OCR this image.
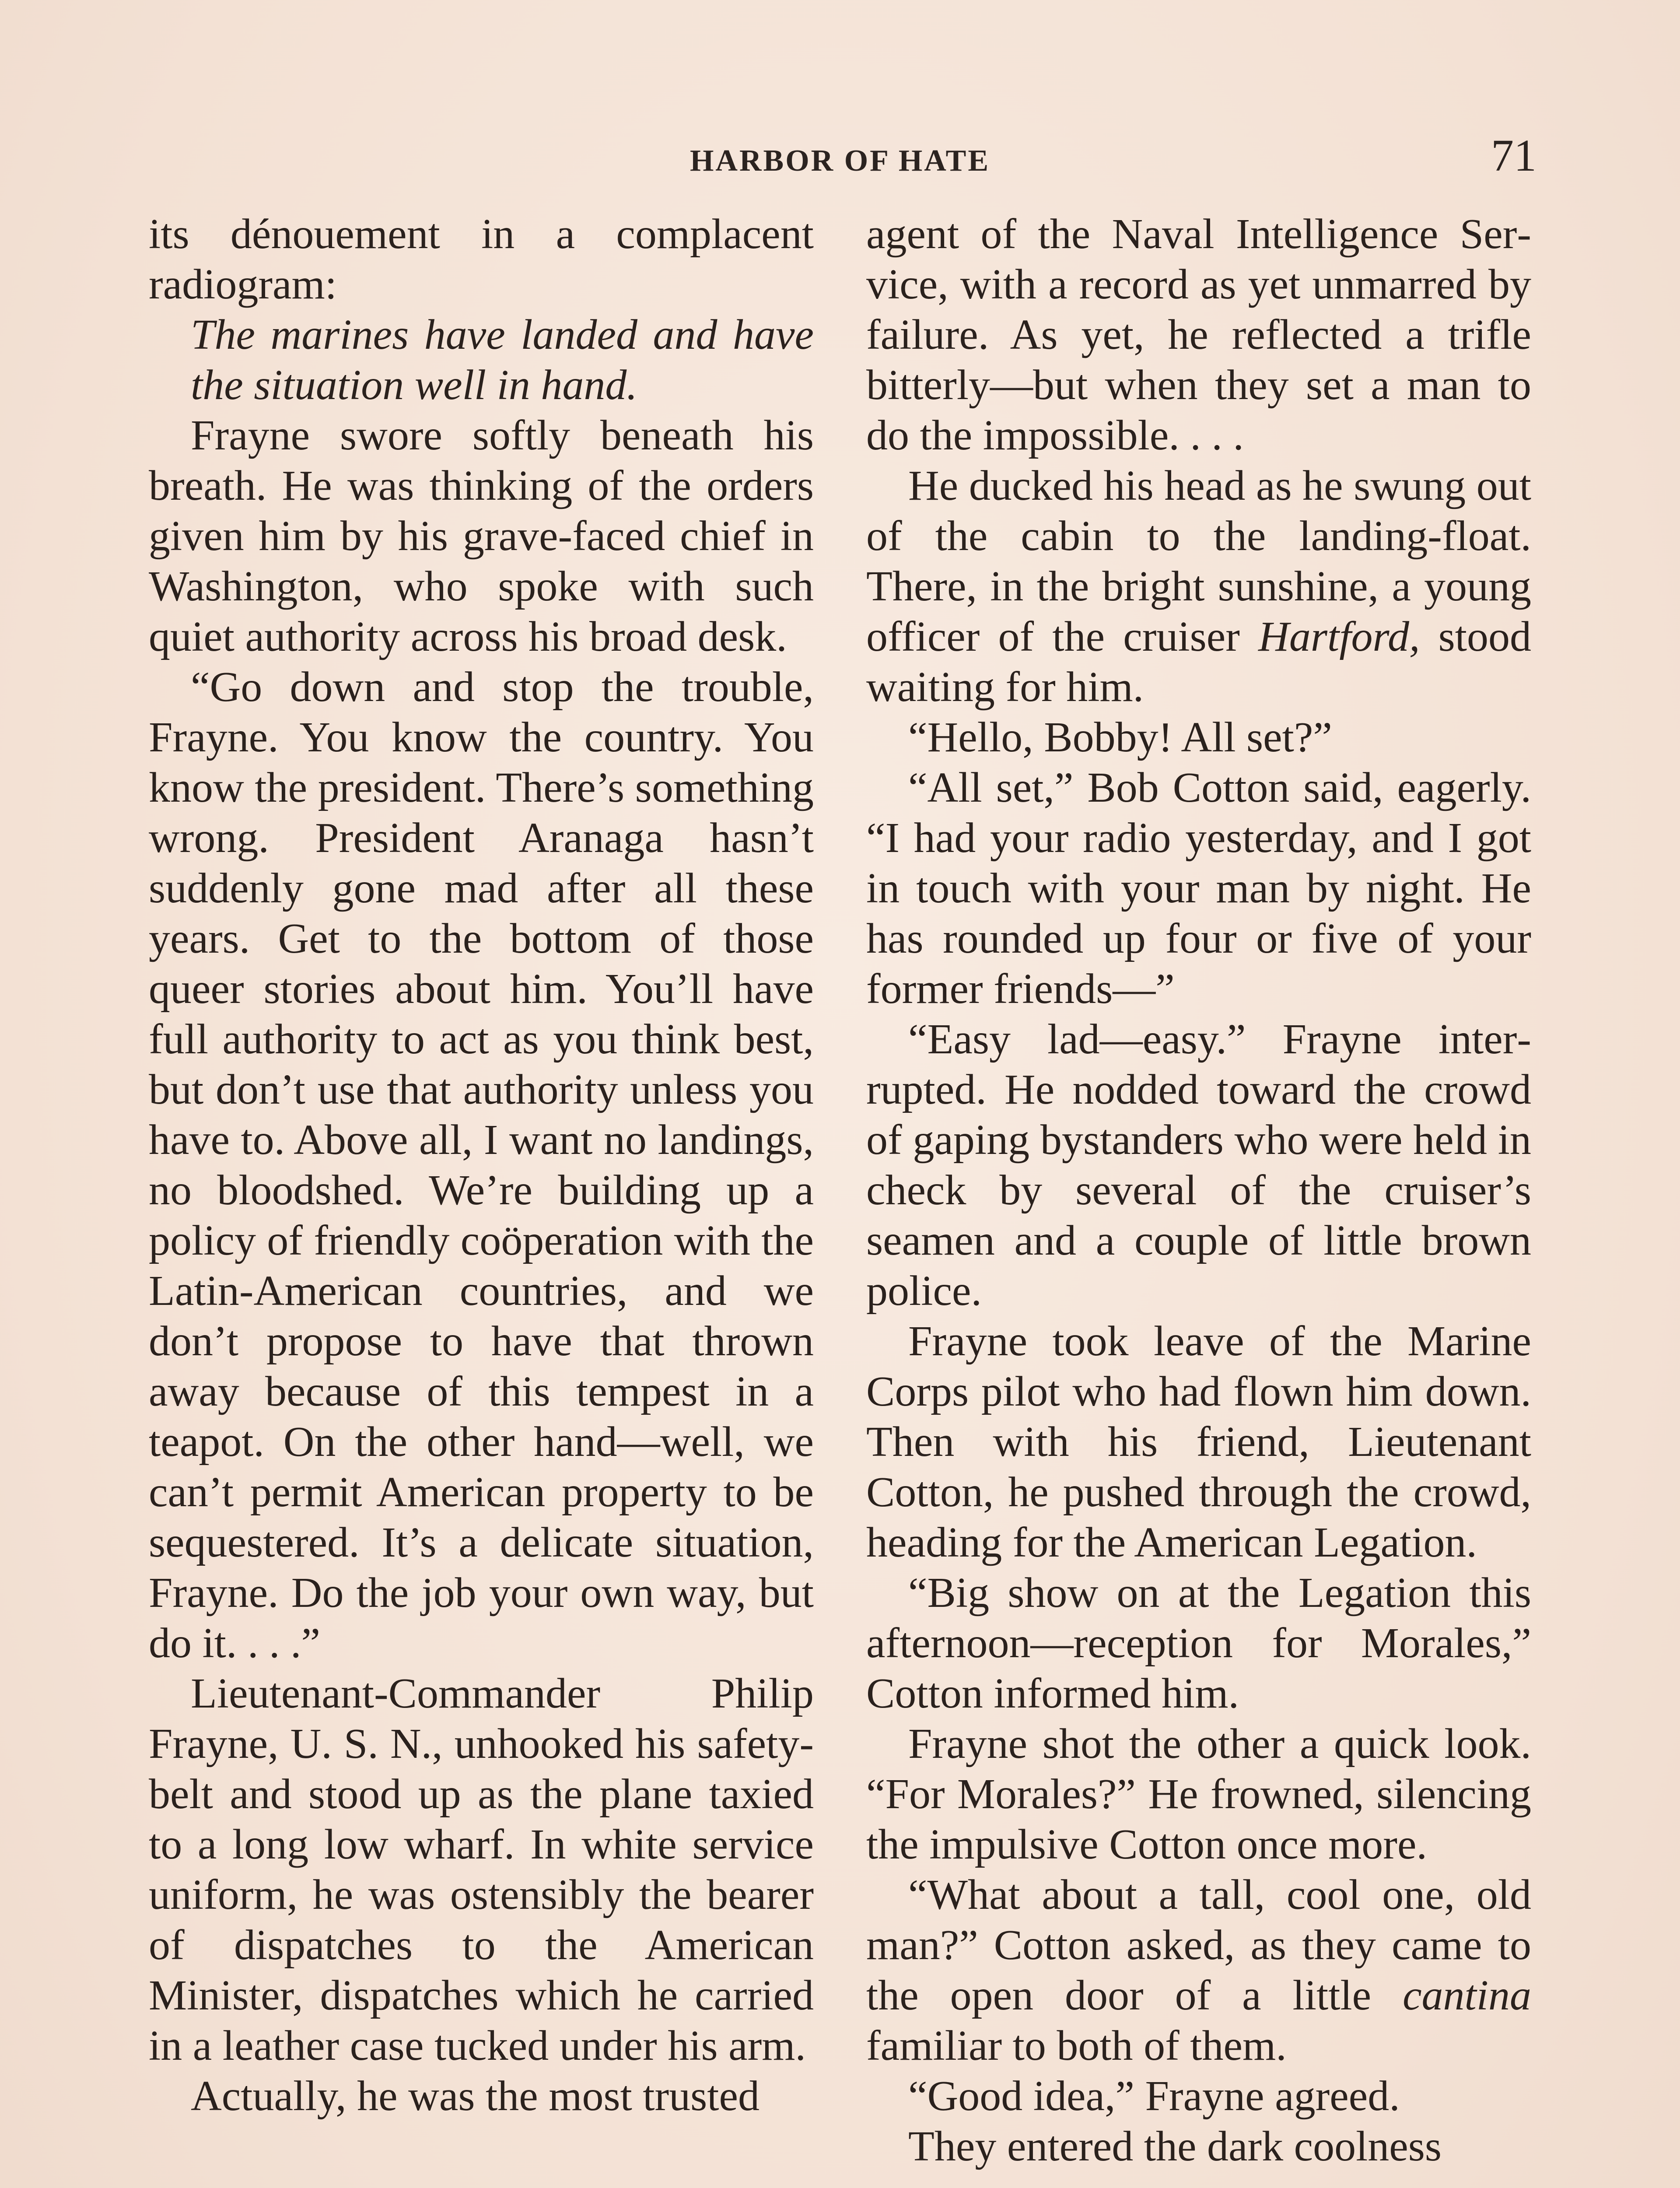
HARBOR OF HATE	71

its dénouement in a complacent radiogram:

The marines have landed and have the situation well in hand.

Frayne swore softly beneath his breath. He was thinking of the orders given him by his grave-faced chief in Washington, who spoke with such quiet authority across his broad desk.

“Go down and stop the trouble, Frayne. You know the country. You know the president. There’s something wrong. President Aranaga hasn’t suddenly gone mad after all these years. Get to the bottom of those queer stories about him. You’ll have full authority to act as you think best, but don’t use that authority unless you have to. Above all, I want no landings, no bloodshed. We’re building up a policy of friendly coöperation with the Latin-American countries, and we don’t propose to have that thrown away because of this tempest in a teapot. On the other hand—well, we can’t permit American property to be sequestered. It’s a delicate situation, Frayne. Do the job your own way, but do it. . . .”

Lieutenant-Commander Philip Frayne, U. S. N., unhooked his safety-belt and stood up as the plane taxied to a long low wharf. In white service uniform, he was ostensibly the bearer of dispatches to the American Minister, dispatches which he carried in a leather case tucked under his arm.

Actually, he was the most trusted

agent of the Naval Intelligence Service, with a record as yet unmarred by failure. As yet, he reflected a trifle bitterly—but when they set a man to do the impossible. . . .

He ducked his head as he swung out of the cabin to the landing-float. There, in the bright sunshine, a young officer of the cruiser Hartford, stood waiting for him.

“Hello, Bobby! All set?”

“All set,” Bob Cotton said, eagerly. “I had your radio yesterday, and I got in touch with your man by night. He has rounded up four or five of your former friends—”

“Easy lad—easy.” Frayne interrupted. He nodded toward the crowd of gaping bystanders who were held in check by several of the cruiser’s seamen and a couple of little brown police.

Frayne took leave of the Marine Corps pilot who had flown him down. Then with his friend, Lieutenant Cotton, he pushed through the crowd, heading for the American Legation.

“Big show on at the Legation this afternoon—reception for Morales,” Cotton informed him.

Frayne shot the other a quick look. “For Morales?” He frowned, silencing the impulsive Cotton once more.

“What about a tall, cool one, old man?” Cotton asked, as they came to the open door of a little cantina familiar to both of them.

“Good idea,” Frayne agreed.

They entered the dark coolness
